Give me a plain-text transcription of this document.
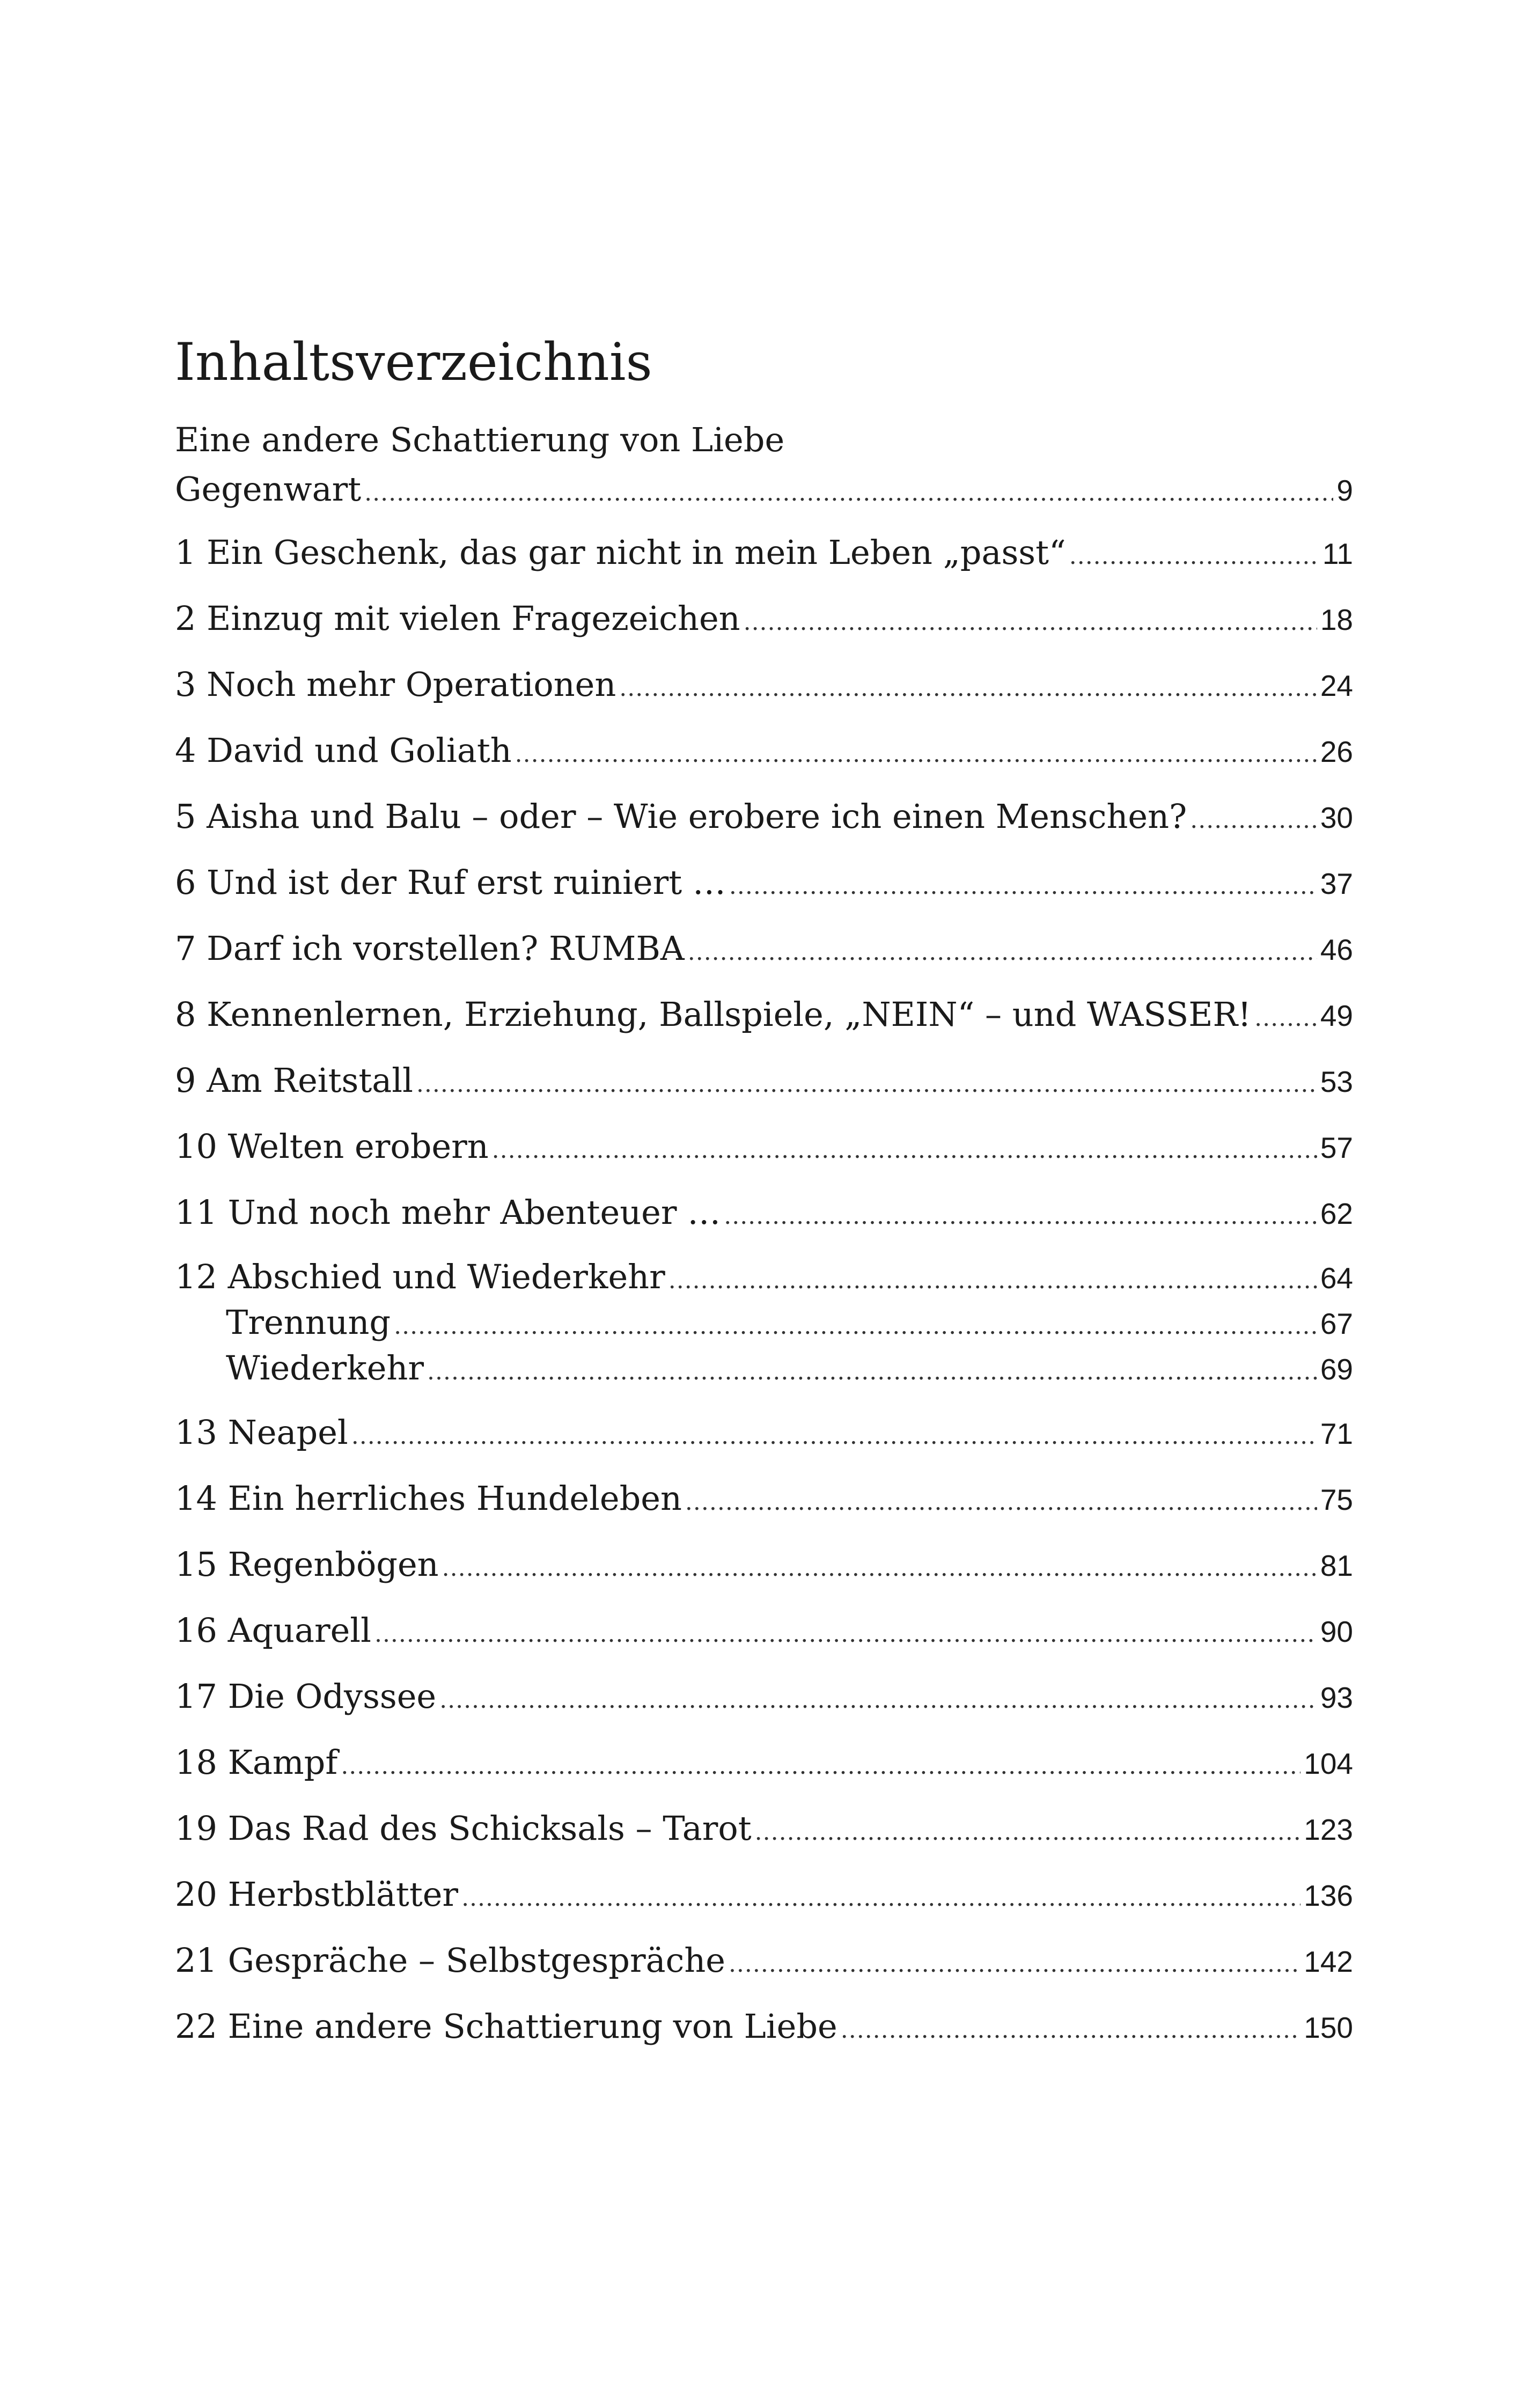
Inhaltsverzeichnis
Eine andere Schattierung von Liebe
Gegenwart .....	9
1 Ein Geschenk, das gar nicht in mein Leben „passt“ .....	11
2 Einzug mit vielen Fragezeichen .....	18
3 Noch mehr Operationen .....	24
4 David und Goliath .....	26
5 Aisha und Balu – oder – Wie erobere ich einen Menschen? .....	30
6 Und ist der Ruf erst ruiniert … .....	37
7 Darf ich vorstellen? RUMBA .....	46
8 Kennenlernen, Erziehung, Ballspiele, „NEIN“ – und WASSER! ..... 49
9 Am Reitstall .....	53
10 Welten erobern .....	57
11 Und noch mehr Abenteuer … .....	62
12 Abschied und Wiederkehr .....	64
Trennung .....	67
Wiederkehr .....	69
13 Neapel .....	71
14 Ein herrliches Hundeleben .....	75
15 Regenbögen .....	81
16 Aquarell .....	90
17 Die Odyssee .....	93
18 Kampf .....	104
19 Das Rad des Schicksals – Tarot .....	123
20 Herbstblätter .....	136
21 Gespräche – Selbstgespräche .....	142
22 Eine andere Schattierung von Liebe .....	150
